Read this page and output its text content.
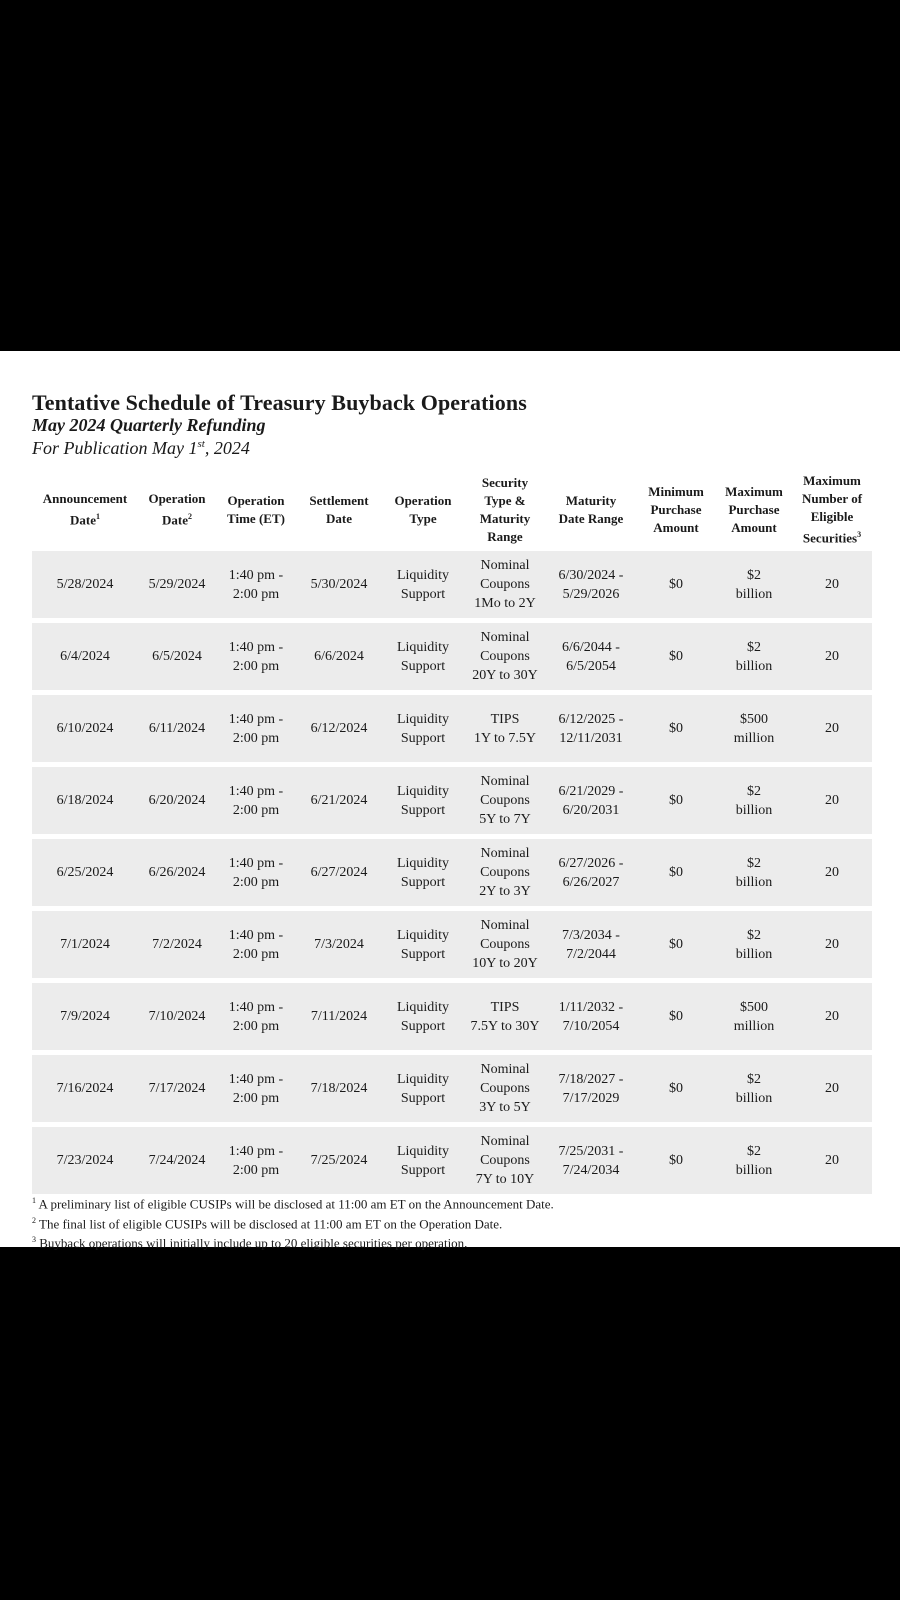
Tentative Schedule of Treasury Buyback Operations
May 2024 Quarterly Refunding
For Publication May 1st, 2024
Announcement
Date$^1$	Operation
Date$^2$	Operation
Time (ET)	Settlement
Date	Operation
Type	Security
Type &
Maturity
Range	Maturity
Date Range	Minimum
Purchase
Amount	Maximum
Purchase
Amount	Maximum
Number of
Eligible
Securities$^3$
5/28/2024	5/29/2024	1:40 pm -
2:00 pm	5/30/2024	Liquidity
Support	Nominal
Coupons
1Mo to 2Y	6/30/2024 -
5/29/2026	$0	$2
billion	20

6/4/2024	6/5/2024	1:40 pm -
2:00 pm	6/6/2024	Liquidity
Support	Nominal
Coupons
20Y to 30Y	6/6/2044 -
6/5/2054	$0	$2
billion	20

6/10/2024	6/11/2024	1:40 pm -
2:00 pm	6/12/2024	Liquidity
Support	TIPS
1Y to 7.5Y	6/12/2025 -
12/11/2031	$0	$500
million	20

6/18/2024	6/20/2024	1:40 pm -
2:00 pm	6/21/2024	Liquidity
Support	Nominal
Coupons
5Y to 7Y	6/21/2029 -
6/20/2031	$0	$2
billion	20

6/25/2024	6/26/2024	1:40 pm -
2:00 pm	6/27/2024	Liquidity
Support	Nominal
Coupons
2Y to 3Y	6/27/2026 -
6/26/2027	$0	$2
billion	20

7/1/2024	7/2/2024	1:40 pm -
2:00 pm	7/3/2024	Liquidity
Support	Nominal
Coupons
10Y to 20Y	7/3/2034 -
7/2/2044	$0	$2
billion	20

7/9/2024	7/10/2024	1:40 pm -
2:00 pm	7/11/2024	Liquidity
Support	TIPS
7.5Y to 30Y	1/11/2032 -
7/10/2054	$0	$500
million	20

7/16/2024	7/17/2024	1:40 pm -
2:00 pm	7/18/2024	Liquidity
Support	Nominal
Coupons
3Y to 5Y	7/18/2027 -
7/17/2029	$0	$2
billion	20

7/23/2024	7/24/2024	1:40 pm -
2:00 pm	7/25/2024	Liquidity
Support	Nominal
Coupons
7Y to 10Y	7/25/2031 -
7/24/2034	$0	$2
billion	20
$^1$ A preliminary list of eligible CUSIPs will be disclosed at 11:00 am ET on the Announcement Date.
$^2$ The final list of eligible CUSIPs will be disclosed at 11:00 am ET on the Operation Date.
$^3$ Buyback operations will initially include up to 20 eligible securities per operation.
